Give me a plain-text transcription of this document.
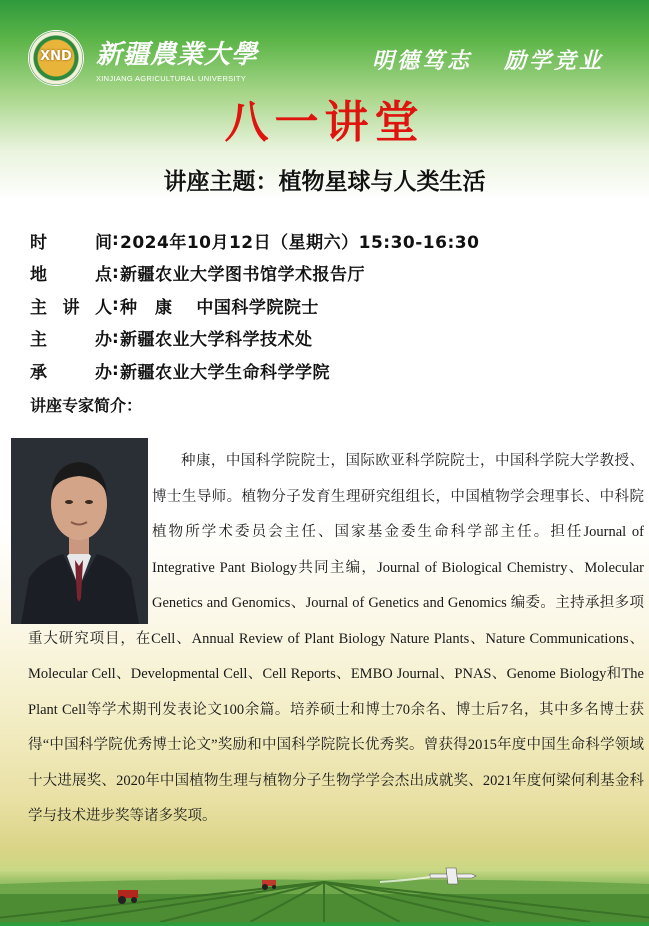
XND 新疆農業大學
XINJIANG AGRICULTURAL UNIVERSITY
明德笃志   励学竞业
八一讲堂
讲座主题：植物星球与人类生活
时间 : 2024年10月12日（星期六）15:30-16:30
地点 : 新疆农业大学图书馆学术报告厅
主讲人 : 种　康　 中国科学院院士
主办 : 新疆农业大学科学技术处
承办 : 新疆农业大学生命科学学院
讲座专家简介：

种康，中国科学院院士，国际欧亚科学院院士，中国科学院大学教授、博士生导师。植物分子发育生理研究组组长，中国植物学会理事长、中科院植物所学术委员会主任、国家基金委生命科学部主任。担任Journal of Integrative Pant Biology共同主编，Journal of Biological Chemistry、Molecular Genetics and Genomics、Journal of Genetics and Genomics 编委。主持承担多项重大研究项目，在Cell、Annual Review of Plant Biology Nature Plants、Nature Communications、Molecular Cell、Developmental Cell、Cell Reports、EMBO Journal、PNAS、Genome Biology和The Plant Cell等学术期刊发表论文100余篇。培养硕士和博士70余名、博士后7名，其中多名博士获得“中国科学院优秀博士论文”奖励和中国科学院院长优秀奖。曾获得2015年度中国生命科学领域十大进展奖、2020年中国植物生理与植物分子生物学学会杰出成就奖、2021年度何梁何利基金科学与技术进步奖等诸多奖项。
